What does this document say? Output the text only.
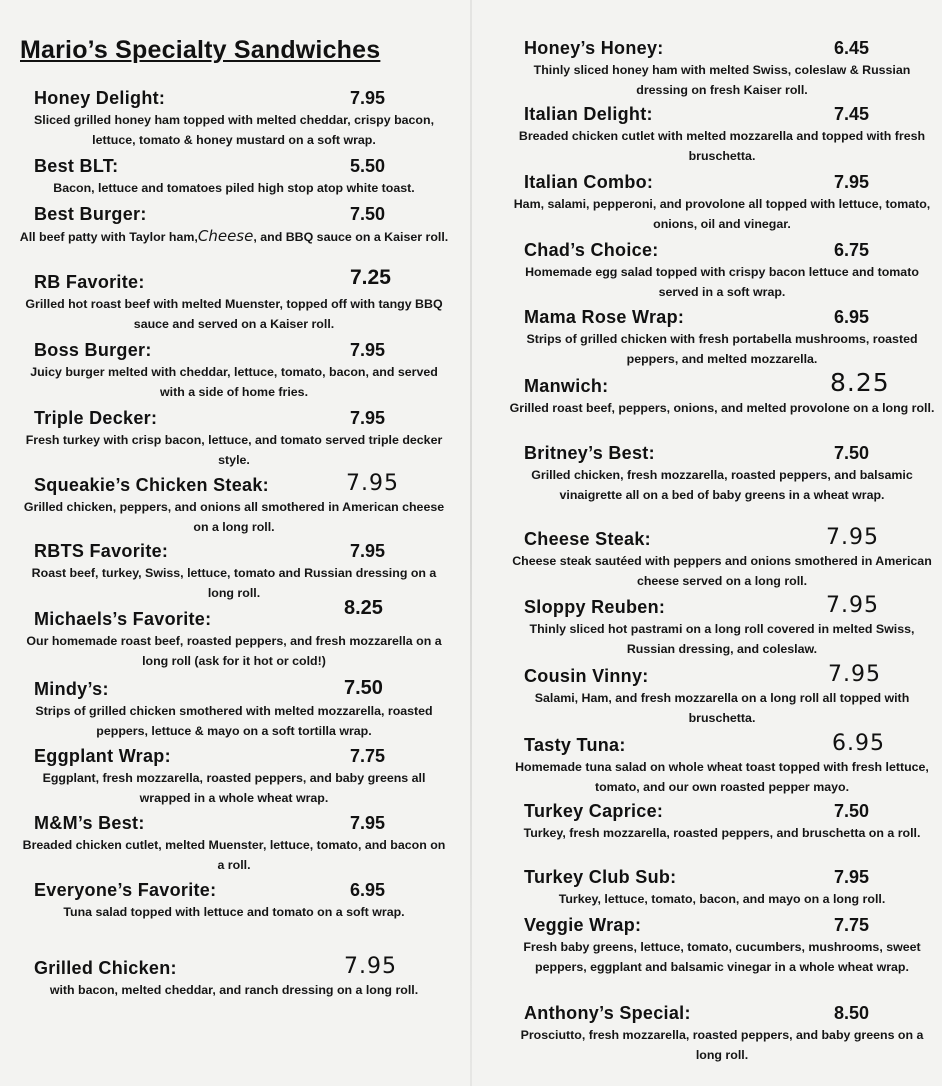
Mario’s Specialty Sandwiches
Honey Delight:	7.95

Sliced grilled honey ham topped with melted cheddar, crispy bacon, lettuce, tomato & honey mustard on a soft wrap.

Best BLT:	5.50

Bacon, lettuce and tomatoes piled high stop atop white toast.

Best Burger:	7.50

All beef patty with Taylor ham,Cheese, and BBQ sauce on a Kaiser roll.

RB Favorite:	7.25

Grilled hot roast beef with melted Muenster, topped off with tangy BBQ sauce and served on a Kaiser roll.

Boss Burger:	7.95

Juicy burger melted with cheddar, lettuce, tomato, bacon, and served with a side of home fries.

Triple Decker:	7.95

Fresh turkey with crisp bacon, lettuce, and tomato served triple decker style.

Squeakie’s Chicken Steak:	7.95

Grilled chicken, peppers, and onions all smothered in American cheese on a long roll.

RBTS Favorite:	7.95

Roast beef, turkey, Swiss, lettuce, tomato and Russian dressing on a long roll.

Michaels’s Favorite:	8.25

Our homemade roast beef, roasted peppers, and fresh mozzarella on a long roll (ask for it hot or cold!)

Mindy’s:	7.50

Strips of grilled chicken smothered with melted mozzarella, roasted peppers, lettuce & mayo on a soft tortilla wrap.

Eggplant Wrap:	7.75

Eggplant, fresh mozzarella, roasted peppers, and baby greens all wrapped in a whole wheat wrap.

M&M’s Best:	7.95

Breaded chicken cutlet, melted Muenster, lettuce, tomato, and bacon on a roll.

Everyone’s Favorite:	6.95

Tuna salad topped with lettuce and tomato on a soft wrap.

Grilled Chicken:	7.95

with bacon, melted cheddar, and ranch dressing on a long roll.

Honey’s Honey:	6.45

Thinly sliced honey ham with melted Swiss, coleslaw & Russian dressing on fresh Kaiser roll.

Italian Delight:	7.45

Breaded chicken cutlet with melted mozzarella and topped with fresh bruschetta.

Italian Combo:	7.95

Ham, salami, pepperoni, and provolone all topped with lettuce, tomato, onions, oil and vinegar.

Chad’s Choice:	6.75

Homemade egg salad topped with crispy bacon lettuce and tomato served in a soft wrap.

Mama Rose Wrap:	6.95

Strips of grilled chicken with fresh portabella mushrooms, roasted peppers, and melted mozzarella.

Manwich:	8.25

Grilled roast beef, peppers, onions, and melted provolone on a long roll.

Britney’s Best:	7.50

Grilled chicken, fresh mozzarella, roasted peppers, and balsamic vinaigrette all on a bed of baby greens in a wheat wrap.

Cheese Steak:	7.95

Cheese steak sautéed with peppers and onions smothered in American cheese served on a long roll.

Sloppy Reuben:	7.95

Thinly sliced hot pastrami on a long roll covered in melted Swiss, Russian dressing, and coleslaw.

Cousin Vinny:	7.95

Salami, Ham, and fresh mozzarella on a long roll all topped with bruschetta.

Tasty Tuna:	6.95

Homemade tuna salad on whole wheat toast topped with fresh lettuce, tomato, and our own roasted pepper mayo.

Turkey Caprice:	7.50

Turkey, fresh mozzarella, roasted peppers, and bruschetta on a roll.

Turkey Club Sub:	7.95

Turkey, lettuce, tomato, bacon, and mayo on a long roll.

Veggie Wrap:	7.75

Fresh baby greens, lettuce, tomato, cucumbers, mushrooms, sweet peppers, eggplant and balsamic vinegar in a whole wheat wrap.

Anthony’s Special:	8.50

Prosciutto, fresh mozzarella, roasted peppers, and baby greens on a long roll.
